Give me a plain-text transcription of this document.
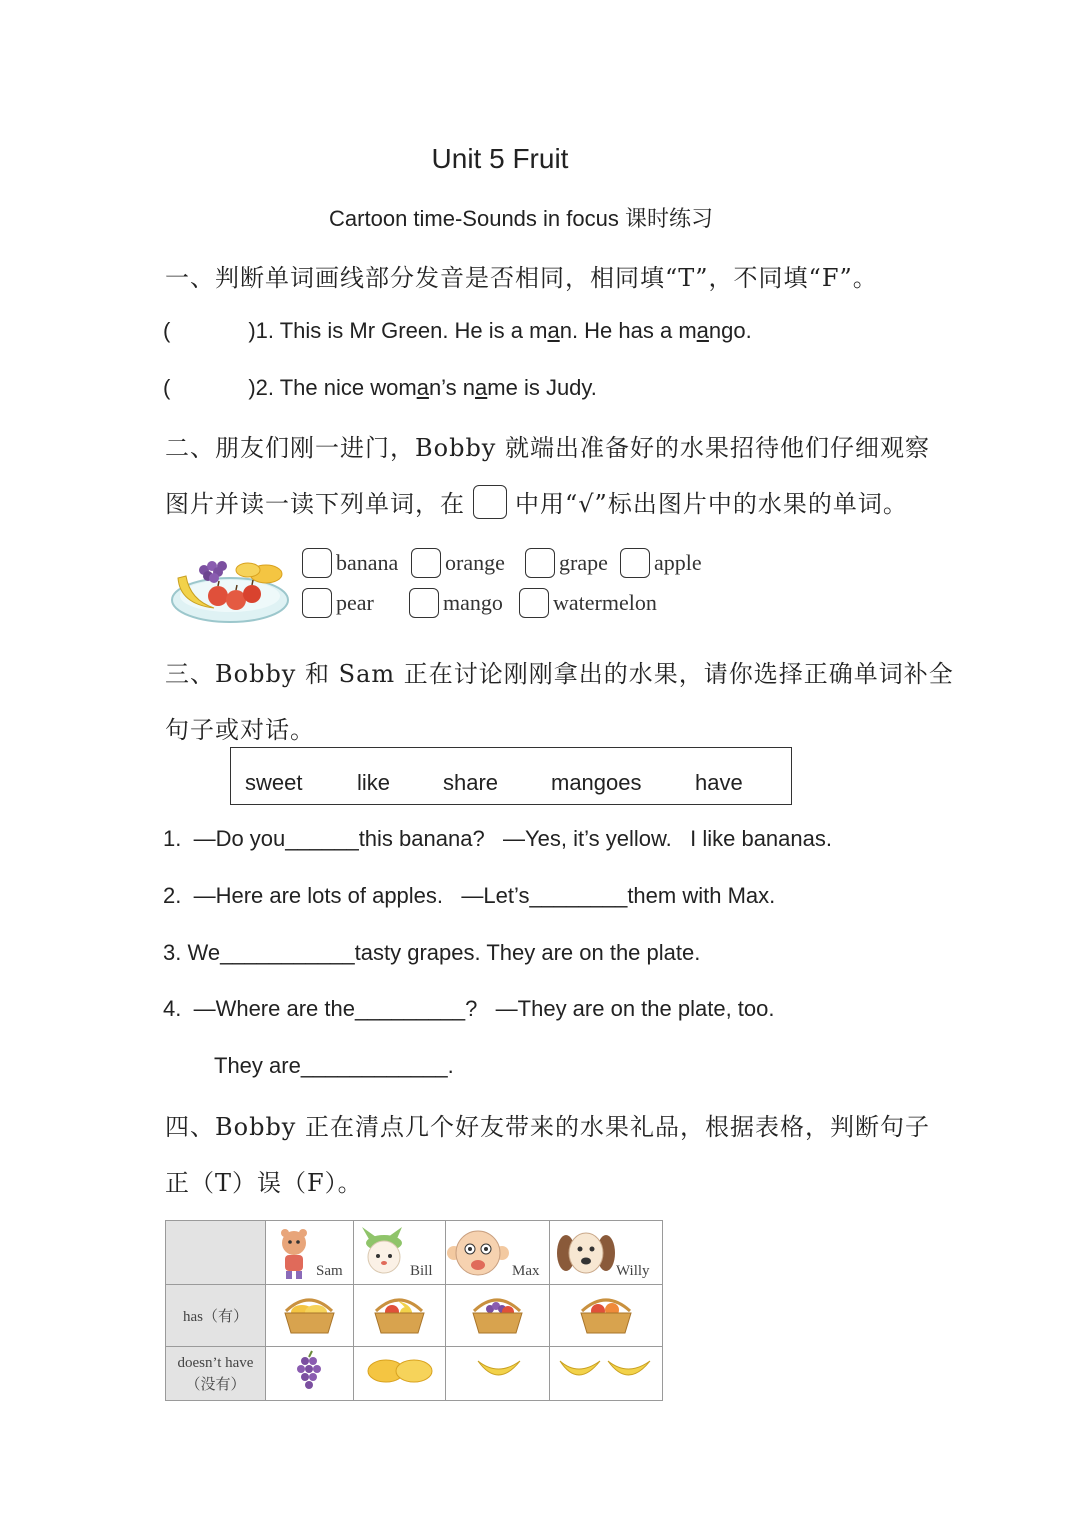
Unit 5 Fruit
Cartoon time-Sounds in focus 课时练习
一、判断单词画线部分发音是否相同，相同填“T”，不同填“F”。
(	)1. This is Mr Green. He is a man. He has a mango.
(	)2. The nice woman’s name is Judy.
二、朋友们刚一进门，Bobby 就端出准备好的水果招待他们仔细观察
图片并读一读下列单词，在 中用“√”标出图片中的水果的单词。
banana orange grape apple
pear	mango watermelon
三、Bobby 和 Sam 正在讨论刚刚拿出的水果，请你选择正确单词补全
句子或对话。
sweet like share mangoes have
1.  —Do you______this banana?   —Yes, it’s yellow.   I like bananas.
2.  —Here are lots of apples.   —Let’s________them with Max.
3. We___________tasty grapes. They are on the plate.
4.  —Where are the_________?   —They are on the plate, too.
They are____________.
四、Bobby 正在清点几个好友带来的水果礼品，根据表格，判断句子
正（T）误（F）。

	Sam	Bill	Max	Willy

has（有）				

doesn’t have
（没有）
